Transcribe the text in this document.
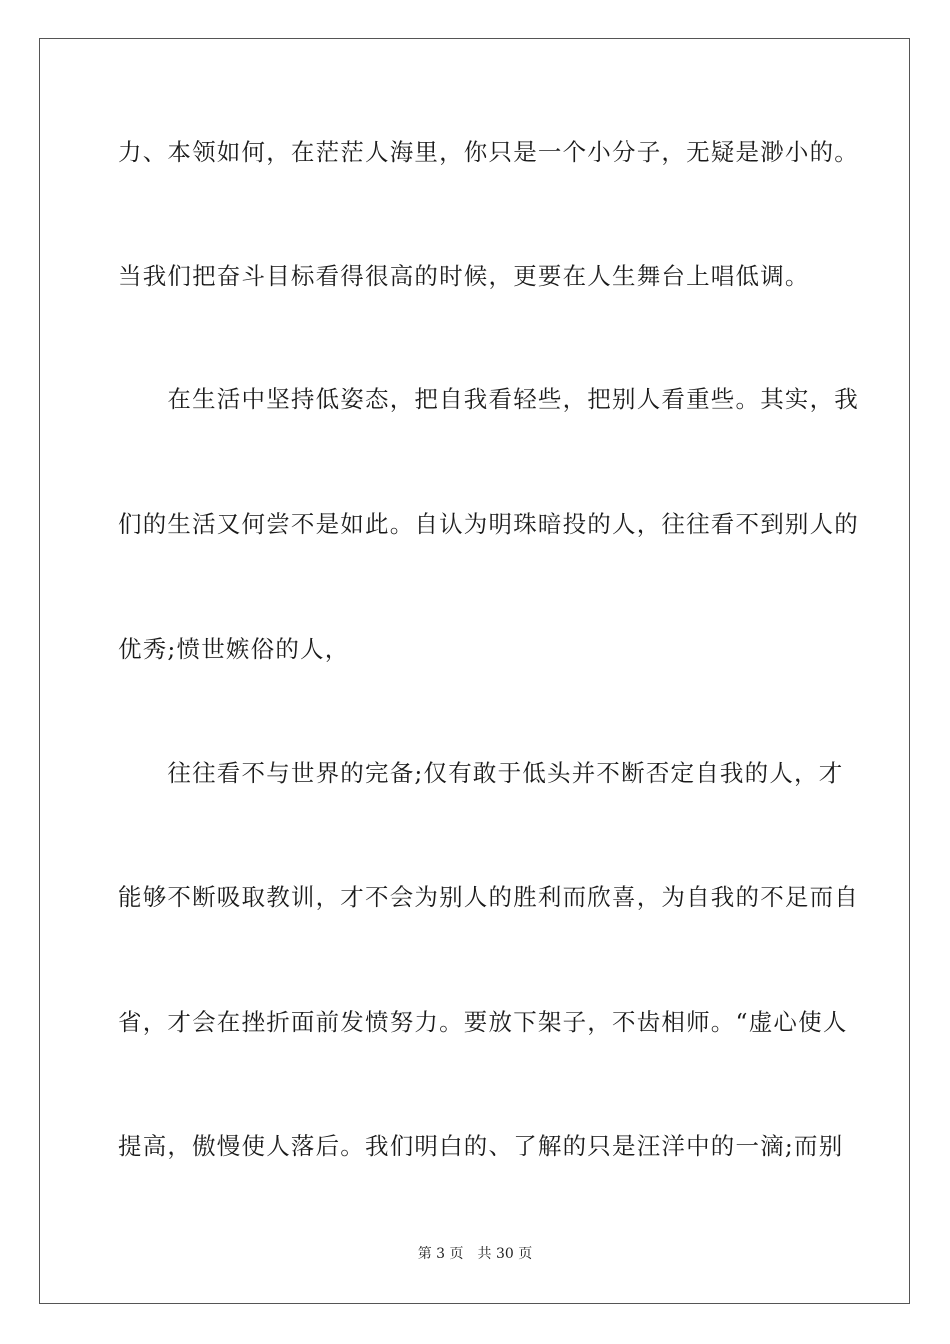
力、本领如何，在茫茫人海里，你只是一个小分子，无疑是渺小的。
当我们把奋斗目标看得很高的时候，更要在人生舞台上唱低调。
　　在生活中坚持低姿态，把自我看轻些，把别人看重些。其实，我
们的生活又何尝不是如此。自认为明珠暗投的人，往往看不到别人的
优秀;愤世嫉俗的人，
　　往往看不与世界的完备;仅有敢于低头并不断否定自我的人，才
能够不断吸取教训，才不会为别人的胜利而欣喜，为自我的不足而自
省，才会在挫折面前发愤努力。要放下架子，不齿相师。“虚心使人
提高，傲慢使人落后。我们明白的、了解的只是汪洋中的一滴;而别
第 3 页　共 30 页
